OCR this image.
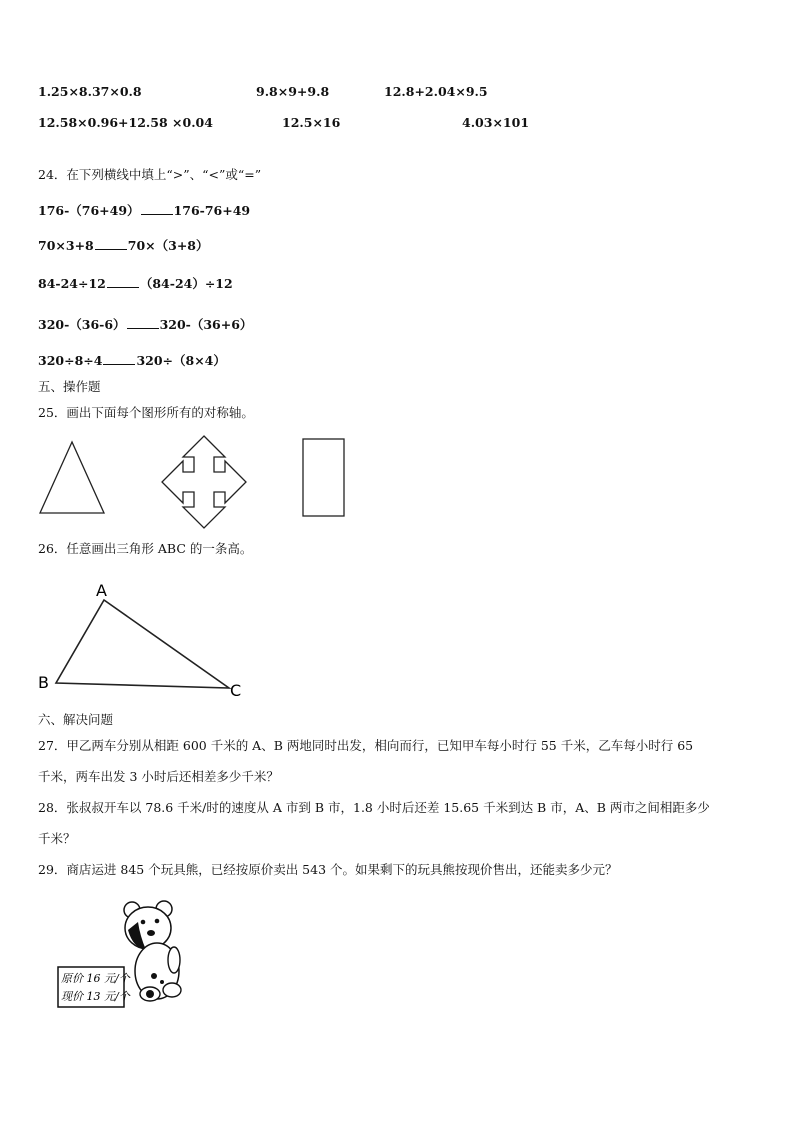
1.25×8.37×0.8	9.8×9+9.8	12.8+2.04×9.5
12.58×0.96+12.58 ×0.04	12.5×16	4.03×101
24．在下列横线中填上“>”、“<”或“=”
176-（76+49）	176-76+49
70×3+8	70×（3+8）
84-24÷12	（84-24）÷12
320-（36-6）	320-（36+6）
320÷8÷4	320÷（8×4）
五、操作题
25．画出下面每个图形所有的对称轴。
26．任意画出三角形 ABC 的一条高。
A
B	C
六、解决问题
27．甲乙两车分别从相距 600 千米的 A、B 两地同时出发，相向而行，已知甲车每小时行 55 千米，乙车每小时行 65
千米，两车出发 3 小时后还相差多少千米？
28．张叔叔开车以 78.6 千米/时的速度从 A 市到 B 市，1.8 小时后还差 15.65 千米到达 B 市，A、B 两市之间相距多少
千米？
29．商店运进 845 个玩具熊，已经按原价卖出 543 个。如果剩下的玩具熊按现价售出，还能卖多少元？
原价 16 元/个
现价 13 元/个
